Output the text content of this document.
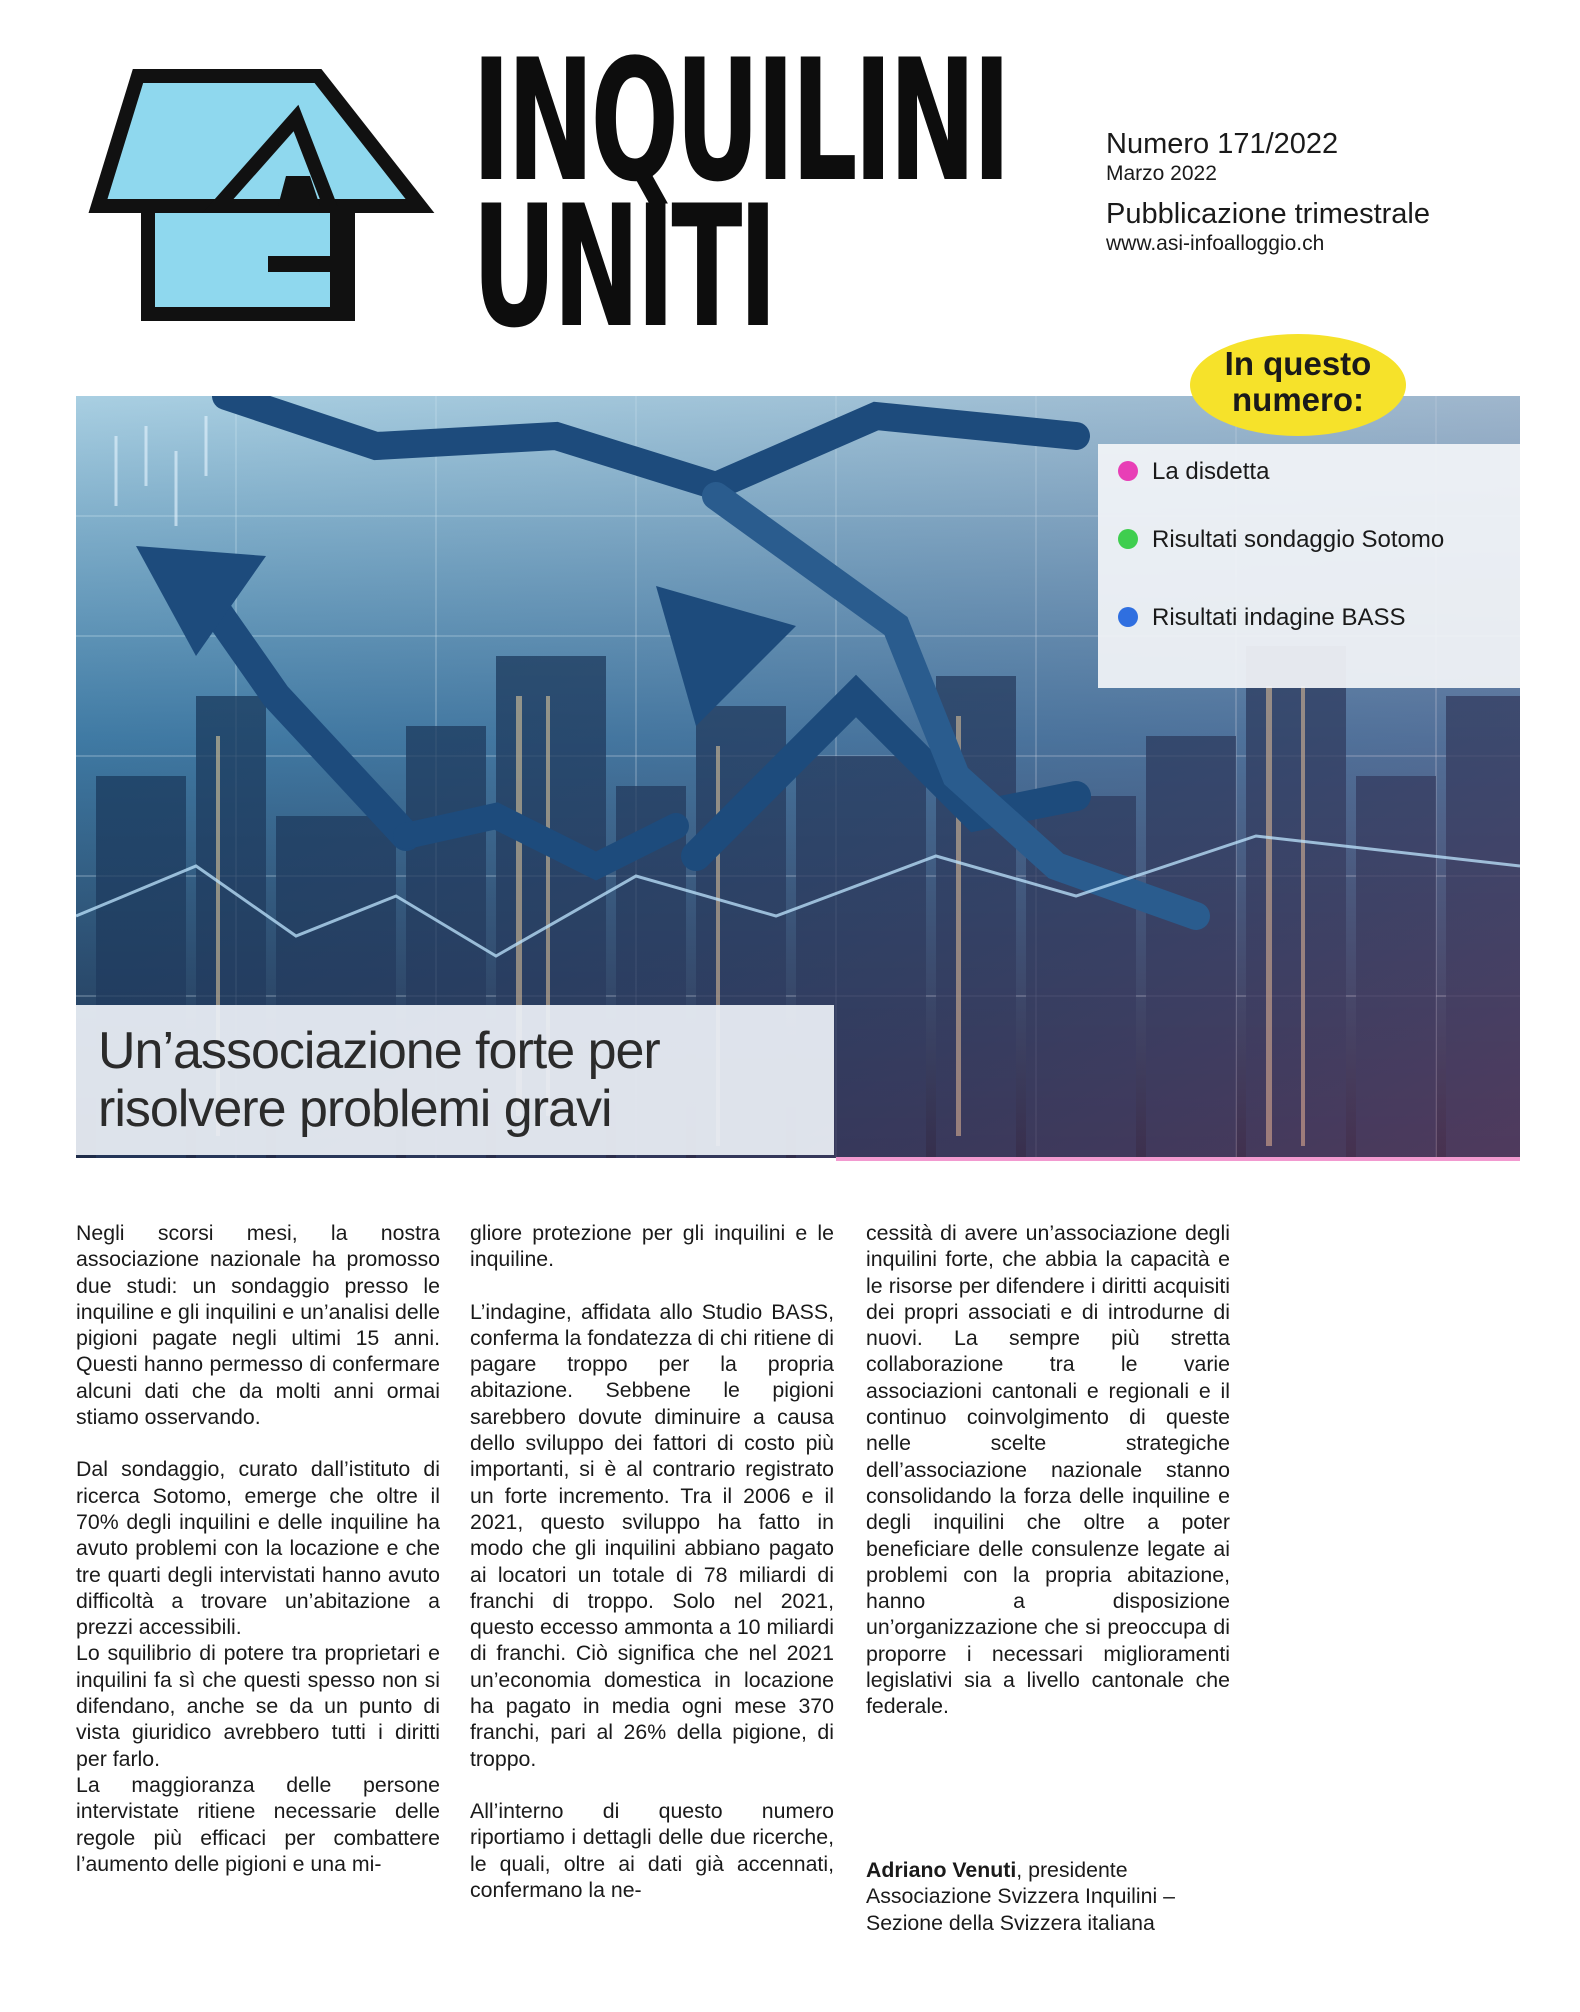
INQUILINI
UNITI
Numero 171/2022
Marzo 2022
Pubblicazione trimestrale
www.asi-infoalloggio.ch
Un’associazione forte per risolvere problemi gravi
La disdetta
Risultati sondaggio Sotomo
Risultati indagine BASS
In questo numero:

Negli scorsi mesi, la nostra associazione nazionale ha promosso due studi: un sondaggio presso le inquiline e gli inquilini e un’analisi delle pigioni pagate negli ultimi 15 anni. Questi hanno permesso di confermare alcuni dati che da molti anni ormai stiamo osservando.

Dal sondaggio, curato dall’istituto di ricerca Sotomo, emerge che oltre il 70% degli inquilini e delle inquiline ha avuto problemi con la locazione e che tre quarti degli intervistati hanno avuto difficoltà a trovare un’abitazione a prezzi accessibili.

Lo squilibrio di potere tra proprietari e inquilini fa sì che questi spesso non si difendano, anche se da un punto di vista giuridico avrebbero tutti i diritti per farlo.

La maggioranza delle persone intervistate ritiene necessarie delle regole più efficaci per combattere l’aumento delle pigioni e una mi-

gliore protezione per gli inquilini e le inquiline.

L’indagine, affidata allo Studio BASS, conferma la fondatezza di chi ritiene di pagare troppo per la propria abitazione. Sebbene le pigioni sarebbero dovute diminuire a causa dello sviluppo dei fattori di costo più importanti, si è al contrario registrato un forte incremento. Tra il 2006 e il 2021, questo sviluppo ha fatto in modo che gli inquilini abbiano pagato ai locatori un totale di 78 miliardi di franchi di troppo. Solo nel 2021, questo eccesso ammonta a 10 miliardi di franchi. Ciò significa che nel 2021 un’economia domestica in locazione ha pagato in media ogni mese 370 franchi, pari al 26% della pigione, di troppo.

All’interno di questo numero riportiamo i dettagli delle due ricerche, le quali, oltre ai dati già accennati, confermano la ne-

cessità di avere un’associazione degli inquilini forte, che abbia la capacità e le risorse per difendere i diritti acquisiti dei propri associati e di introdurne di nuovi. La sempre più stretta collaborazione tra le varie associazioni cantonali e regionali e il continuo coinvolgimento di queste nelle scelte strategiche dell’associazione nazionale stanno consolidando la forza delle inquiline e degli inquilini che oltre a poter beneficiare delle consulenze legate ai problemi con la propria abitazione, hanno a disposizione un’organizzazione che si preoccupa di proporre i necessari miglioramenti legislativi sia a livello cantonale che federale.

Adriano Venuti, presidente
Associazione Svizzera Inquilini –
Sezione della Svizzera italiana
